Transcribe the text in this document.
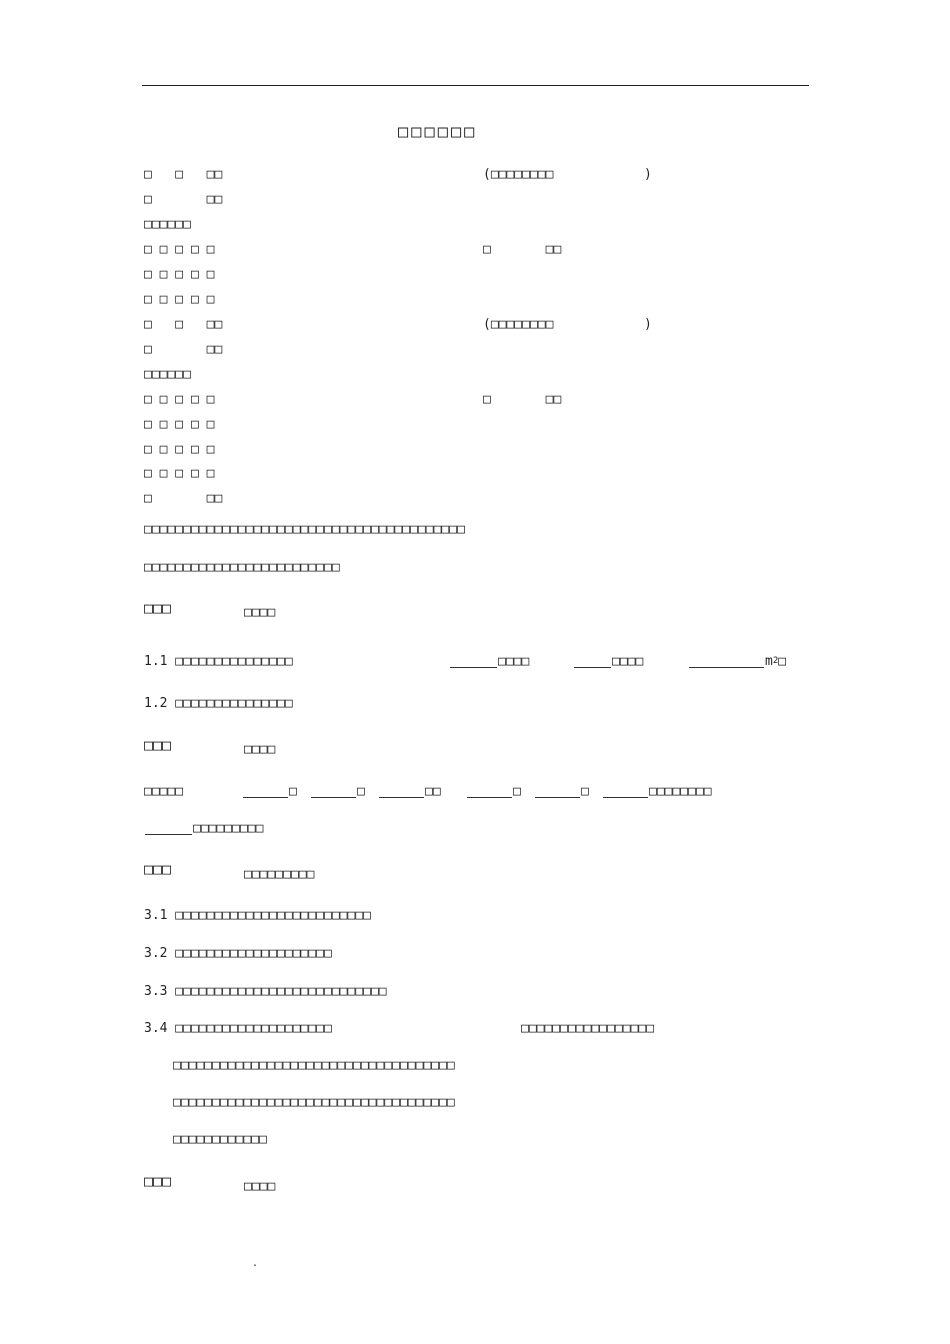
□□□□□□
□   □   □□	(□□□□□□□□	)
□       □□
□□□□□□
□ □ □ □ □	□       □□
□ □ □ □ □
□ □ □ □ □
□   □   □□	(□□□□□□□□	)
□       □□
□□□□□□
□ □ □ □ □	□       □□
□ □ □ □ □
□ □ □ □ □
□ □ □ □ □
□       □□
□□□□□□□□□□□□□□□□□□□□□□□□□□□□□□□□□□□□□□□□□
□□□□□□□□□□□□□□□□□□□□□□□□□
□□□	□□□□
1.1 □□□□□□□□□□□□□□□	□□□□	□□□□	m2□
1.2 □□□□□□□□□□□□□□□
□□□	□□□□
□□□□□	□	□	□□	□	□	□□□□□□□□
□□□□□□□□□
□□□	□□□□□□□□□
3.1 □□□□□□□□□□□□□□□□□□□□□□□□□
3.2 □□□□□□□□□□□□□□□□□□□□
3.3 □□□□□□□□□□□□□□□□□□□□□□□□□□□
3.4 □□□□□□□□□□□□□□□□□□□□	□□□□□□□□□□□□□□□□□
□□□□□□□□□□□□□□□□□□□□□□□□□□□□□□□□□□□□
□□□□□□□□□□□□□□□□□□□□□□□□□□□□□□□□□□□□
□□□□□□□□□□□□
□□□	□□□□
.
